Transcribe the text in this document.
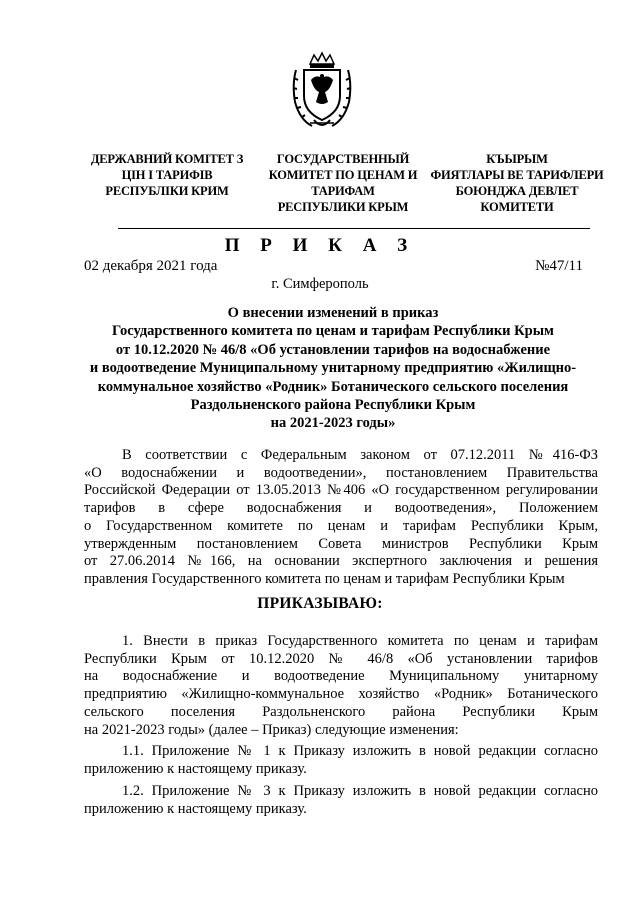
ДЕРЖАВНИЙ КОМІТЕТ З
ЦІН І ТАРИФІВ
РЕСПУБЛІКИ КРИМ
ГОСУДАРСТВЕННЫЙ
КОМИТЕТ ПО ЦЕНАМ И
ТАРИФАМ
РЕСПУБЛИКИ КРЫМ
КЪЫРЫМ
ФИЯТЛАРЫ ВЕ ТАРИФЛЕРИ
БОЮНДЖА ДЕВЛЕТ
КОМИТЕТИ
П Р И К А З
02 декабря 2021 года	№47/11
г. Симферополь
О внесении изменений в приказ
Государственного комитета по ценам и тарифам Республики Крым
от 10.12.2020 № 46/8 «Об установлении тарифов на водоснабжение
и водоотведение Муниципальному унитарному предприятию «Жилищно-
коммунальное хозяйство «Родник» Ботанического сельского поселения
Раздольненского района Республики Крым
на 2021-2023 годы»
В соответствии с Федеральным законом от 07.12.2011 №416-ФЗ
«О водоснабжении и водоотведении», постановлением Правительства
Российской Федерации от 13.05.2013 №406 «О государственном регулировании
тарифов в сфере водоснабжения и водоотведения», Положением
о Государственном комитете по ценам и тарифам Республики Крым,
утвержденным постановлением Совета министров Республики Крым
от 27.06.2014 №166, на основании экспертного заключения и решения
правления Государственного комитета по ценам и тарифам Республики Крым
ПРИКАЗЫВАЮ:
1. Внести в приказ Государственного комитета по ценам и тарифам
Республики Крым от 10.12.2020 № 46/8 «Об установлении тарифов
на водоснабжение и водоотведение Муниципальному унитарному
предприятию «Жилищно-коммунальное хозяйство «Родник» Ботанического
сельского поселения Раздольненского района Республики Крым
на 2021-2023 годы» (далее – Приказ) следующие изменения:
1.1. Приложение № 1 к Приказу изложить в новой редакции согласно
приложению к настоящему приказу.
1.2. Приложение № 3 к Приказу изложить в новой редакции согласно
приложению к настоящему приказу.
